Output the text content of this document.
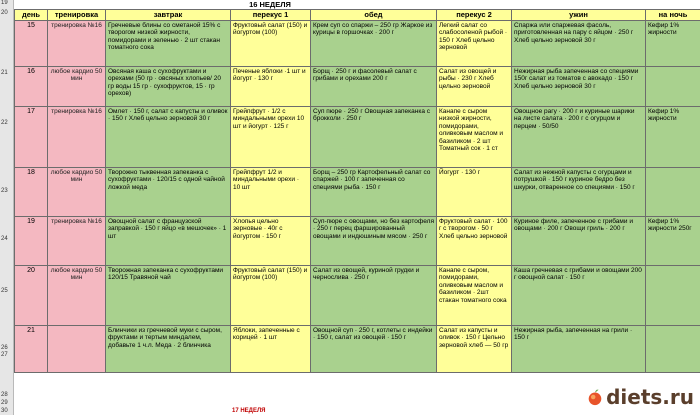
19
20
21
22
23
24
25
26
27
28
29
30
16 НЕДЕЛЯ
день	тренировка	завтрак	перекус 1	обед	перекус 2	ужин	на ночь
15	тренировка №16	Гречневые блины со сметаной 15% с творогом низкой жирности, помидорами и зеленью · 2 шт стакан томатного сока	Фруктовый салат (150) и йогуртом (100)	Крем суп со спаржи – 250 гр Жаркое из курицы в горшочках · 200 г	Легкий салат со слабосоленой рыбой · 150 г Хлеб цельно зерновой	Спаржа или спаржевая фасоль, приготовленная на пару с яйцом · 250 г Хлеб цельно зерновой 30 г	Кефир 1% жирности
16	любое кардио 50 мин	Овсяная каша с сухофруктами и орехами (50 гр · овсяных хлопьев/ 20 гр воды 15 гр · сухофруктов, 15 · гр орехов)	Печеные яблоки ·1 шт и йогурт · 130 г	Борщ · 250 г и фасолевый салат с грибами и орехами 200 г	Салат из овощей и рыбы · 230 г Хлеб цельно зерновой	Нежирная рыба запеченная со специями 150г салат из томатов с авокадо · 150 г Хлеб цельно зерновой 30 г	
17	тренировка №16	Омлет · 150 г, салат с капусты и оливок · 150 г Хлеб цельно зерновой 30 г	Грейпфрут · 1/2 с миндальными орехи 10 шт и йогурт · 125 г	Суп пюре · 250 г Овощная запеканка с брокколи · 250 г	Канапе с сыром низкой жирности, помидорами, оливковым маслом и базиликом · 2 шт Томатный сок · 1 ст	Овощное рагу · 200 г и куриные шарики на листе салата · 200 г с огурцом и перцем · 50/50	Кефир 1% жирности
18	любое кардио 50 мин	Творожно тыквенная запеканка с сухофруктами · 120/15 с одной чайной ложкой меда	Грейпфрут 1/2 и миндальными орехи · 10 шт	Борщ – 250 гр Картофельный салат со спаржей · 100 г запеченная со специями рыба · 150 г	Йогурт · 130 г	Салат из нежной капусты с огурцами и потрушкой · 150 г куриное бедро без шкурки, отваренное со специями · 150 г	
19	тренировка №16	Овощной салат с французской заправкой · 150 г яйцо «в мешочек» · 1 шт	Хлопья цельно зерновые · 40г с йогуртом · 150 г	Суп-пюре с овощами, но без картофеля · 250 г перец фаршированный овощами и индюшиным мясом · 250 г	Фруктовый салат · 100 г с творогом · 50 г Хлеб цельно зерновой	Куриное филе, запеченное с грибами и овощами · 200 г Овощи гриль · 200 г	Кефир 1% жирности 250г
20	любое кардио 50 мин	Творожная запеканка с сухофруктами 120/15 Травяной чай	Фруктовый салат (150) и йогуртом (100)	Салат из овощей, куриной грудки и чернослива · 250 г	Канапе с сыром, помидорами, оливковым маслом и базиликом · 2шт стакан томатного сока	Каша гречневая с грибами и овощами 200 г овощной салат · 150 г	
21		Блинчики из гречневой муки с сыром, фруктами и тертым миндалем, добавьте 1 ч.л. Меда · 2 блинчика	Яблоки, запеченные с корицей · 1 шт	Овощной суп · 250 г, котлеты с индейки · 150 г, салат из овощей · 150 г	Салат из капусты и оливок · 150 г Цельно зерновой хлеб — 50 гр	Нежирная рыба, запеченная на грили · 150 г	
17 НЕДЕЛЯ
diets.ru
